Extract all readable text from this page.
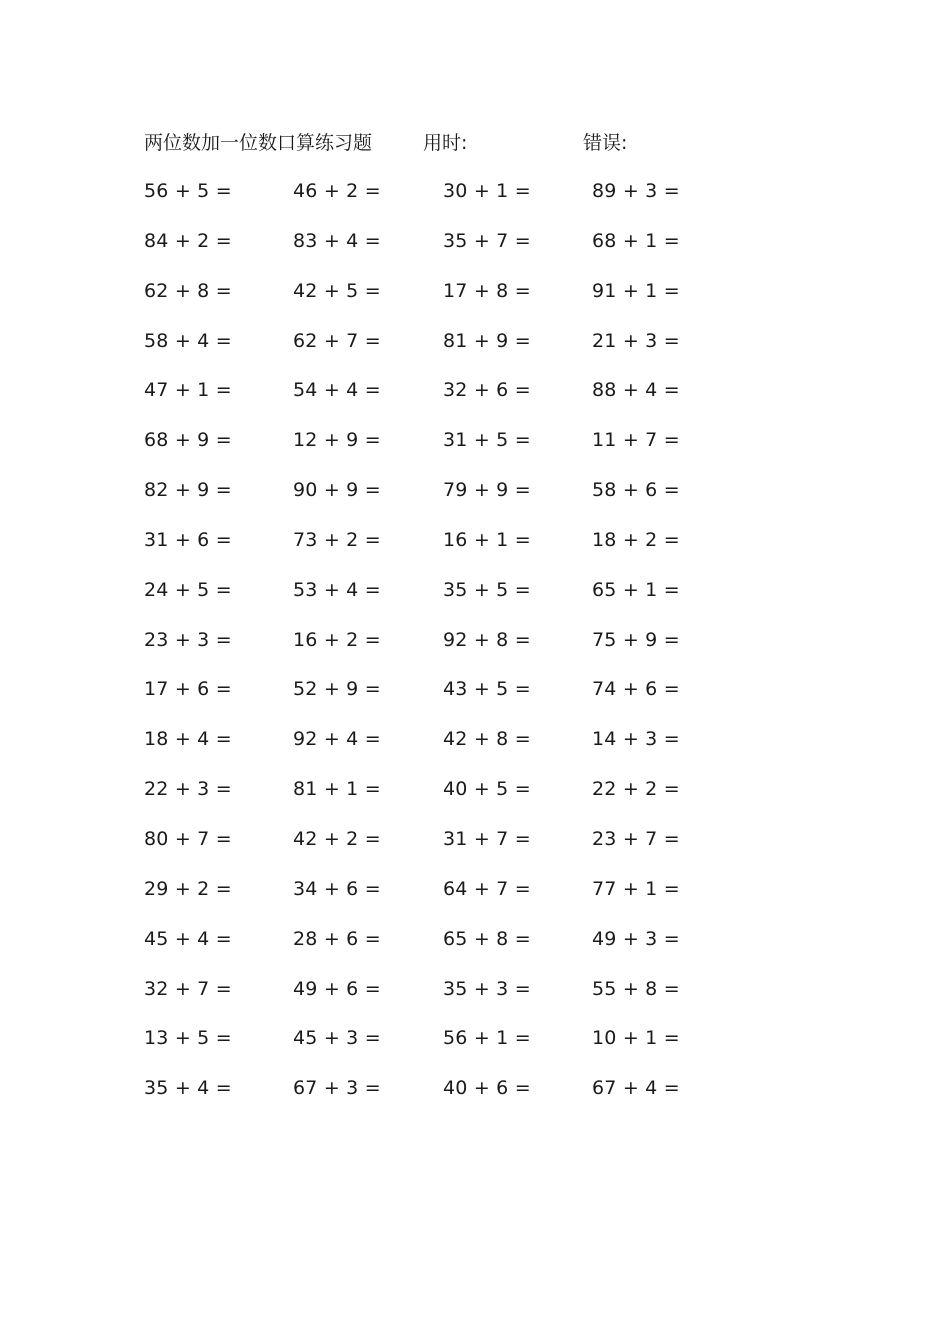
两位数加一位数口算练习题	用时:	错误:
56 + 5 =	46 + 2 =	30 + 1 =	89 + 3 =
84 + 2 =	83 + 4 =	35 + 7 =	68 + 1 =
62 + 8 =	42 + 5 =	17 + 8 =	91 + 1 =
58 + 4 =	62 + 7 =	81 + 9 =	21 + 3 =
47 + 1 =	54 + 4 =	32 + 6 =	88 + 4 =
68 + 9 =	12 + 9 =	31 + 5 =	11 + 7 =
82 + 9 =	90 + 9 =	79 + 9 =	58 + 6 =
31 + 6 =	73 + 2 =	16 + 1 =	18 + 2 =
24 + 5 =	53 + 4 =	35 + 5 =	65 + 1 =
23 + 3 =	16 + 2 =	92 + 8 =	75 + 9 =
17 + 6 =	52 + 9 =	43 + 5 =	74 + 6 =
18 + 4 =	92 + 4 =	42 + 8 =	14 + 3 =
22 + 3 =	81 + 1 =	40 + 5 =	22 + 2 =
80 + 7 =	42 + 2 =	31 + 7 =	23 + 7 =
29 + 2 =	34 + 6 =	64 + 7 =	77 + 1 =
45 + 4 =	28 + 6 =	65 + 8 =	49 + 3 =
32 + 7 =	49 + 6 =	35 + 3 =	55 + 8 =
13 + 5 =	45 + 3 =	56 + 1 =	10 + 1 =
35 + 4 =	67 + 3 =	40 + 6 =	67 + 4 =
